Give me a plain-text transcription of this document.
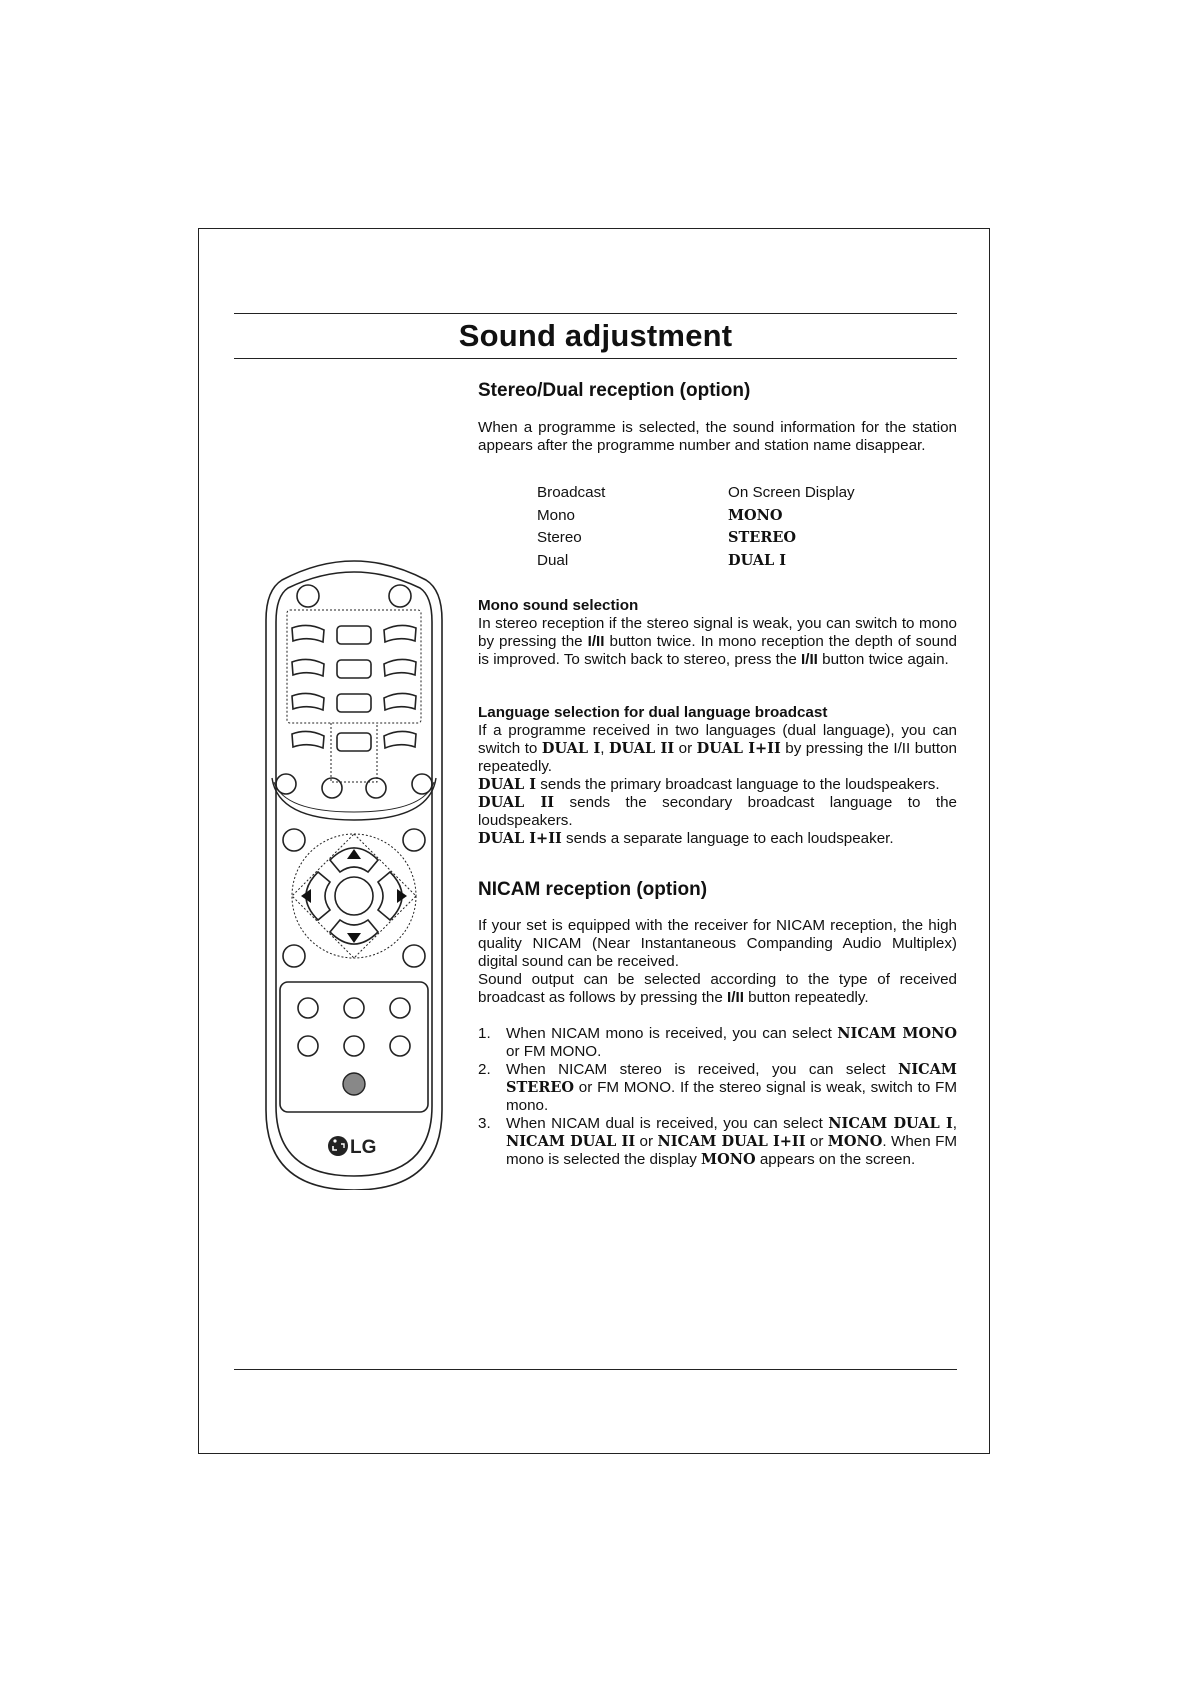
Sound adjustment
Stereo/Dual reception (option)
When a programme is selected, the sound information for the station appears after the programme number and station name disappear.
Broadcast	On Screen Display
Mono	MONO
Stereo	STEREO
Dual	DUAL I
Mono sound selection
In stereo reception if the stereo signal is weak, you can switch to mono by pressing the I/II button twice. In mono reception the depth of sound is improved. To switch back to stereo, press the I/II button twice again.
Language selection for dual language broadcast
If a programme received in two languages (dual language), you can switch to DUAL I, DUAL II or DUAL I+II by pressing the I/II button repeatedly.
DUAL I sends the primary broadcast language to the loudspeakers.
DUAL II sends the secondary broadcast language to the loudspeakers.
DUAL I+II sends a separate language to each loudspeaker.
NICAM reception (option)
If your set is equipped with the receiver for NICAM reception, the high quality NICAM (Near Instantaneous Companding Audio Multiplex) digital sound can be received.
Sound output can be selected according to the type of received broadcast as follows by pressing the I/II button repeatedly.
1. When NICAM mono is received, you can select NICAM MONO or FM MONO.
2. When NICAM stereo is received, you can select NICAM STEREO or FM MONO. If the stereo signal is weak, switch to FM mono.
3. When NICAM dual is received, you can select NICAM DUAL I, NICAM DUAL II or NICAM DUAL I+II or MONO. When FM mono is selected the display MONO appears on the screen.
LG
